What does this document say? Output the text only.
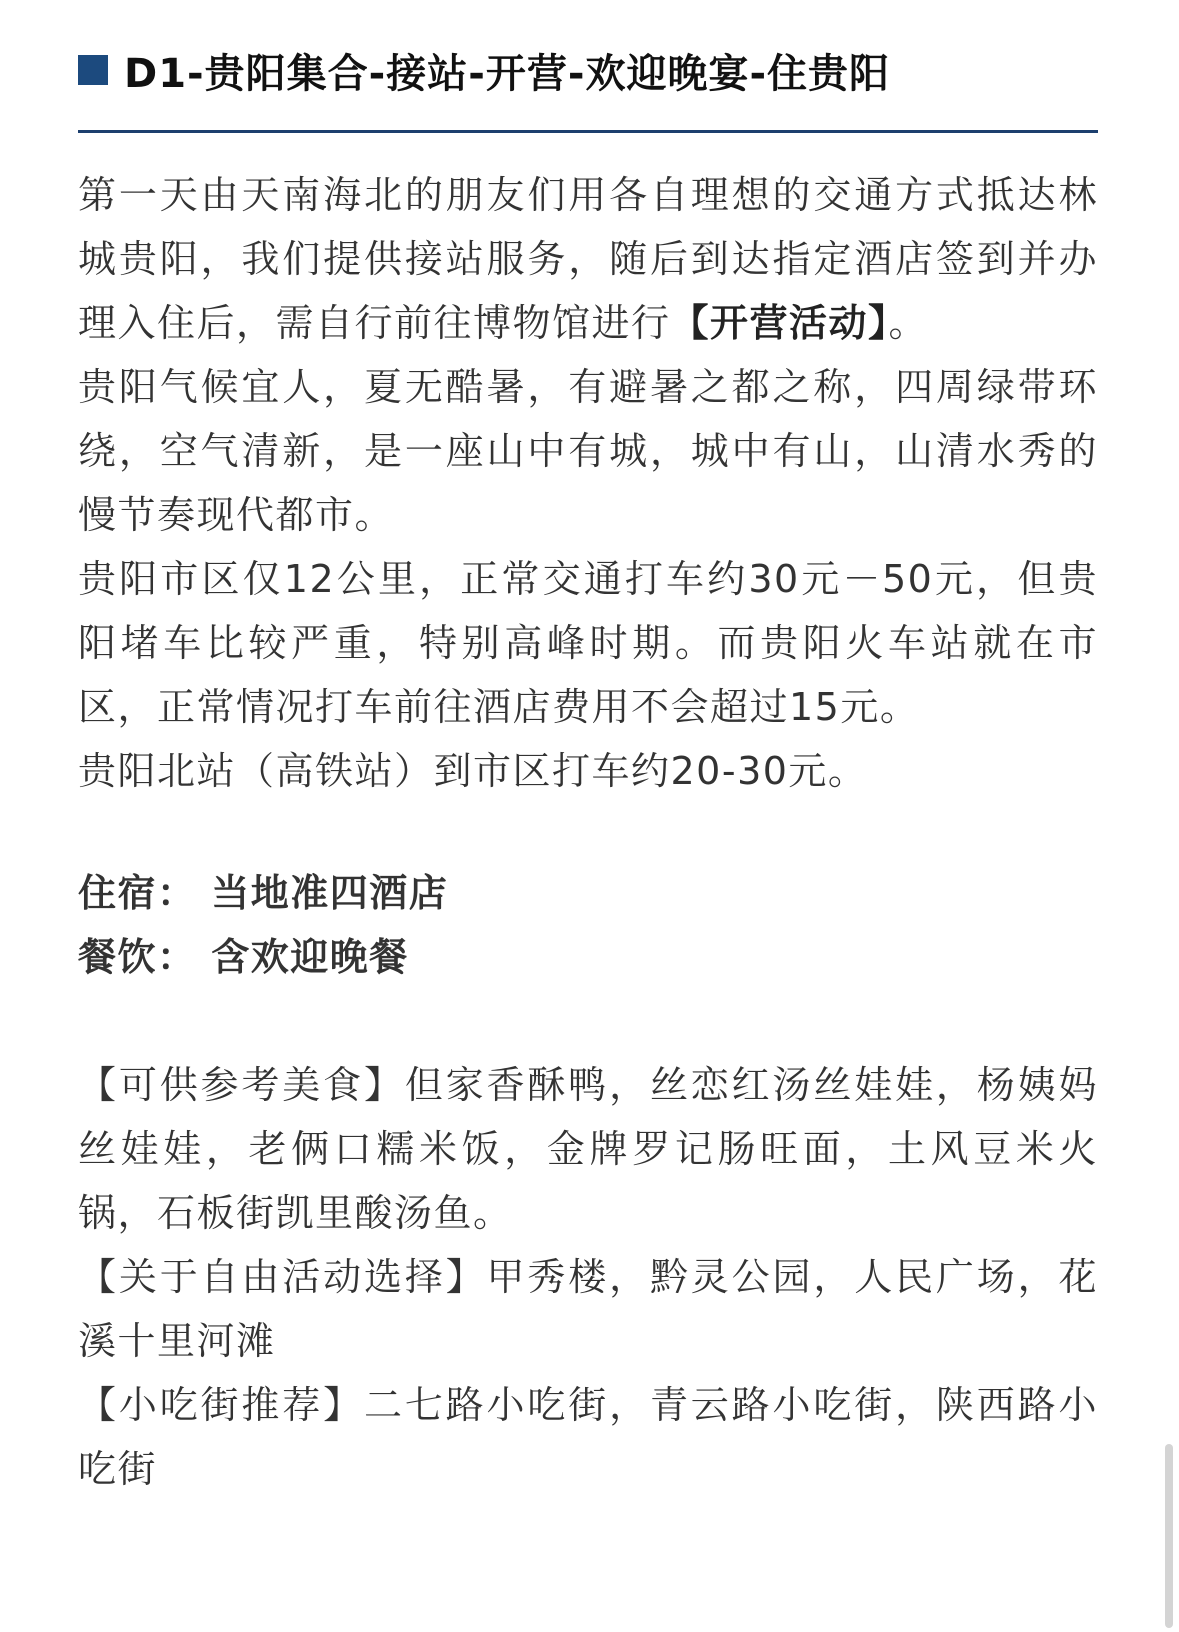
D1-贵阳集合-接站-开营-欢迎晚宴-住贵阳

第一天由天南海北的朋友们用各自理想的交通方式抵达林城贵阳，我们提供接站服务，随后到达指定酒店签到并办理入住后，需自行前往博物馆进行【开营活动】。

贵阳气候宜人，夏无酷暑，有避暑之都之称，四周绿带环绕，空气清新，是一座山中有城，城中有山，山清水秀的慢节奏现代都市。

贵阳市区仅12公里，正常交通打车约30元－50元，但贵阳堵车比较严重，特别高峰时期。而贵阳火车站就在市区，正常情况打车前往酒店费用不会超过15元。

贵阳北站（高铁站）到市区打车约20-30元。

住宿： 当地准四酒店

餐饮： 含欢迎晚餐

【可供参考美食】但家香酥鸭，丝恋红汤丝娃娃，杨姨妈丝娃娃，老俩口糯米饭，金牌罗记肠旺面，土风豆米火锅，石板街凯里酸汤鱼。

【关于自由活动选择】甲秀楼，黔灵公园，人民广场，花溪十里河滩

【小吃街推荐】二七路小吃街，青云路小吃街，陕西路小吃街
